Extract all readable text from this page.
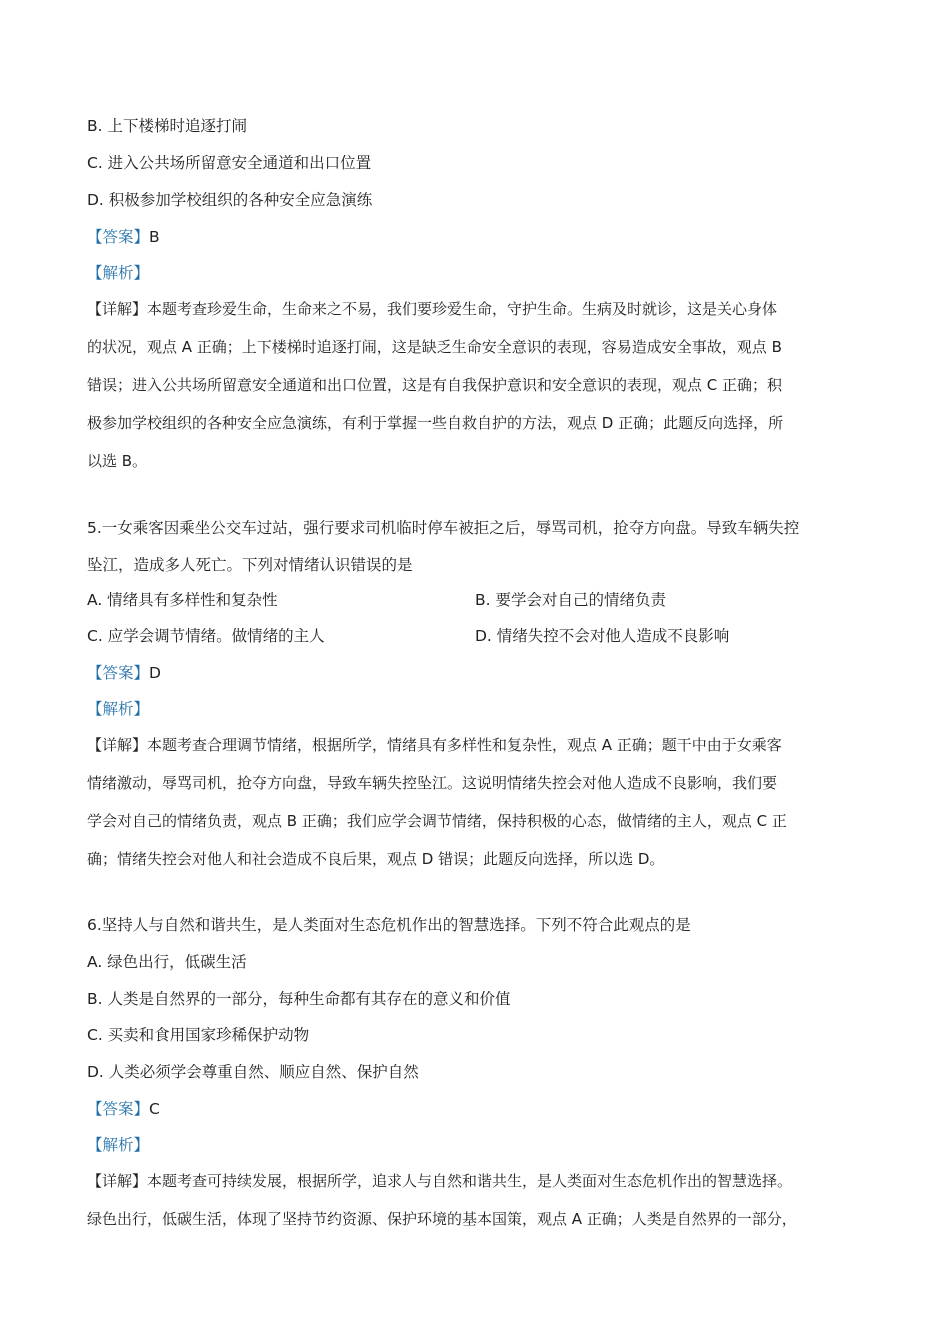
B. 上下楼梯时追逐打闹
C. 进入公共场所留意安全通道和出口位置
D. 积极参加学校组织的各种安全应急演练
【答案】B
【解析】
【详解】本题考查珍爱生命，生命来之不易，我们要珍爱生命，守护生命。生病及时就诊，这是关心身体
的状况，观点 A 正确；上下楼梯时追逐打闹，这是缺乏生命安全意识的表现，容易造成安全事故，观点 B
错误；进入公共场所留意安全通道和出口位置，这是有自我保护意识和安全意识的表现，观点 C 正确；积
极参加学校组织的各种安全应急演练，有利于掌握一些自救自护的方法，观点 D 正确；此题反向选择，所
以选 B。
5.一女乘客因乘坐公交车过站，强行要求司机临时停车被拒之后，辱骂司机，抢夺方向盘。导致车辆失控
坠江，造成多人死亡。下列对情绪认识错误的是
A. 情绪具有多样性和复杂性	B. 要学会对自己的情绪负责
C. 应学会调节情绪。做情绪的主人	D. 情绪失控不会对他人造成不良影响
【答案】D
【解析】
【详解】本题考查合理调节情绪，根据所学，情绪具有多样性和复杂性，观点 A 正确；题干中由于女乘客
情绪激动，辱骂司机，抢夺方向盘，导致车辆失控坠江。这说明情绪失控会对他人造成不良影响，我们要
学会对自己的情绪负责，观点 B 正确；我们应学会调节情绪，保持积极的心态，做情绪的主人，观点 C 正
确；情绪失控会对他人和社会造成不良后果，观点 D 错误；此题反向选择，所以选 D。
6.坚持人与自然和谐共生，是人类面对生态危机作出的智慧选择。下列不符合此观点的是
A. 绿色出行，低碳生活
B. 人类是自然界的一部分，每种生命都有其存在的意义和价值
C. 买卖和食用国家珍稀保护动物
D. 人类必须学会尊重自然、顺应自然、保护自然
【答案】C
【解析】
【详解】本题考查可持续发展，根据所学，追求人与自然和谐共生，是人类面对生态危机作出的智慧选择。
绿色出行，低碳生活，体现了坚持节约资源、保护环境的基本国策，观点 A 正确；人类是自然界的一部分，
